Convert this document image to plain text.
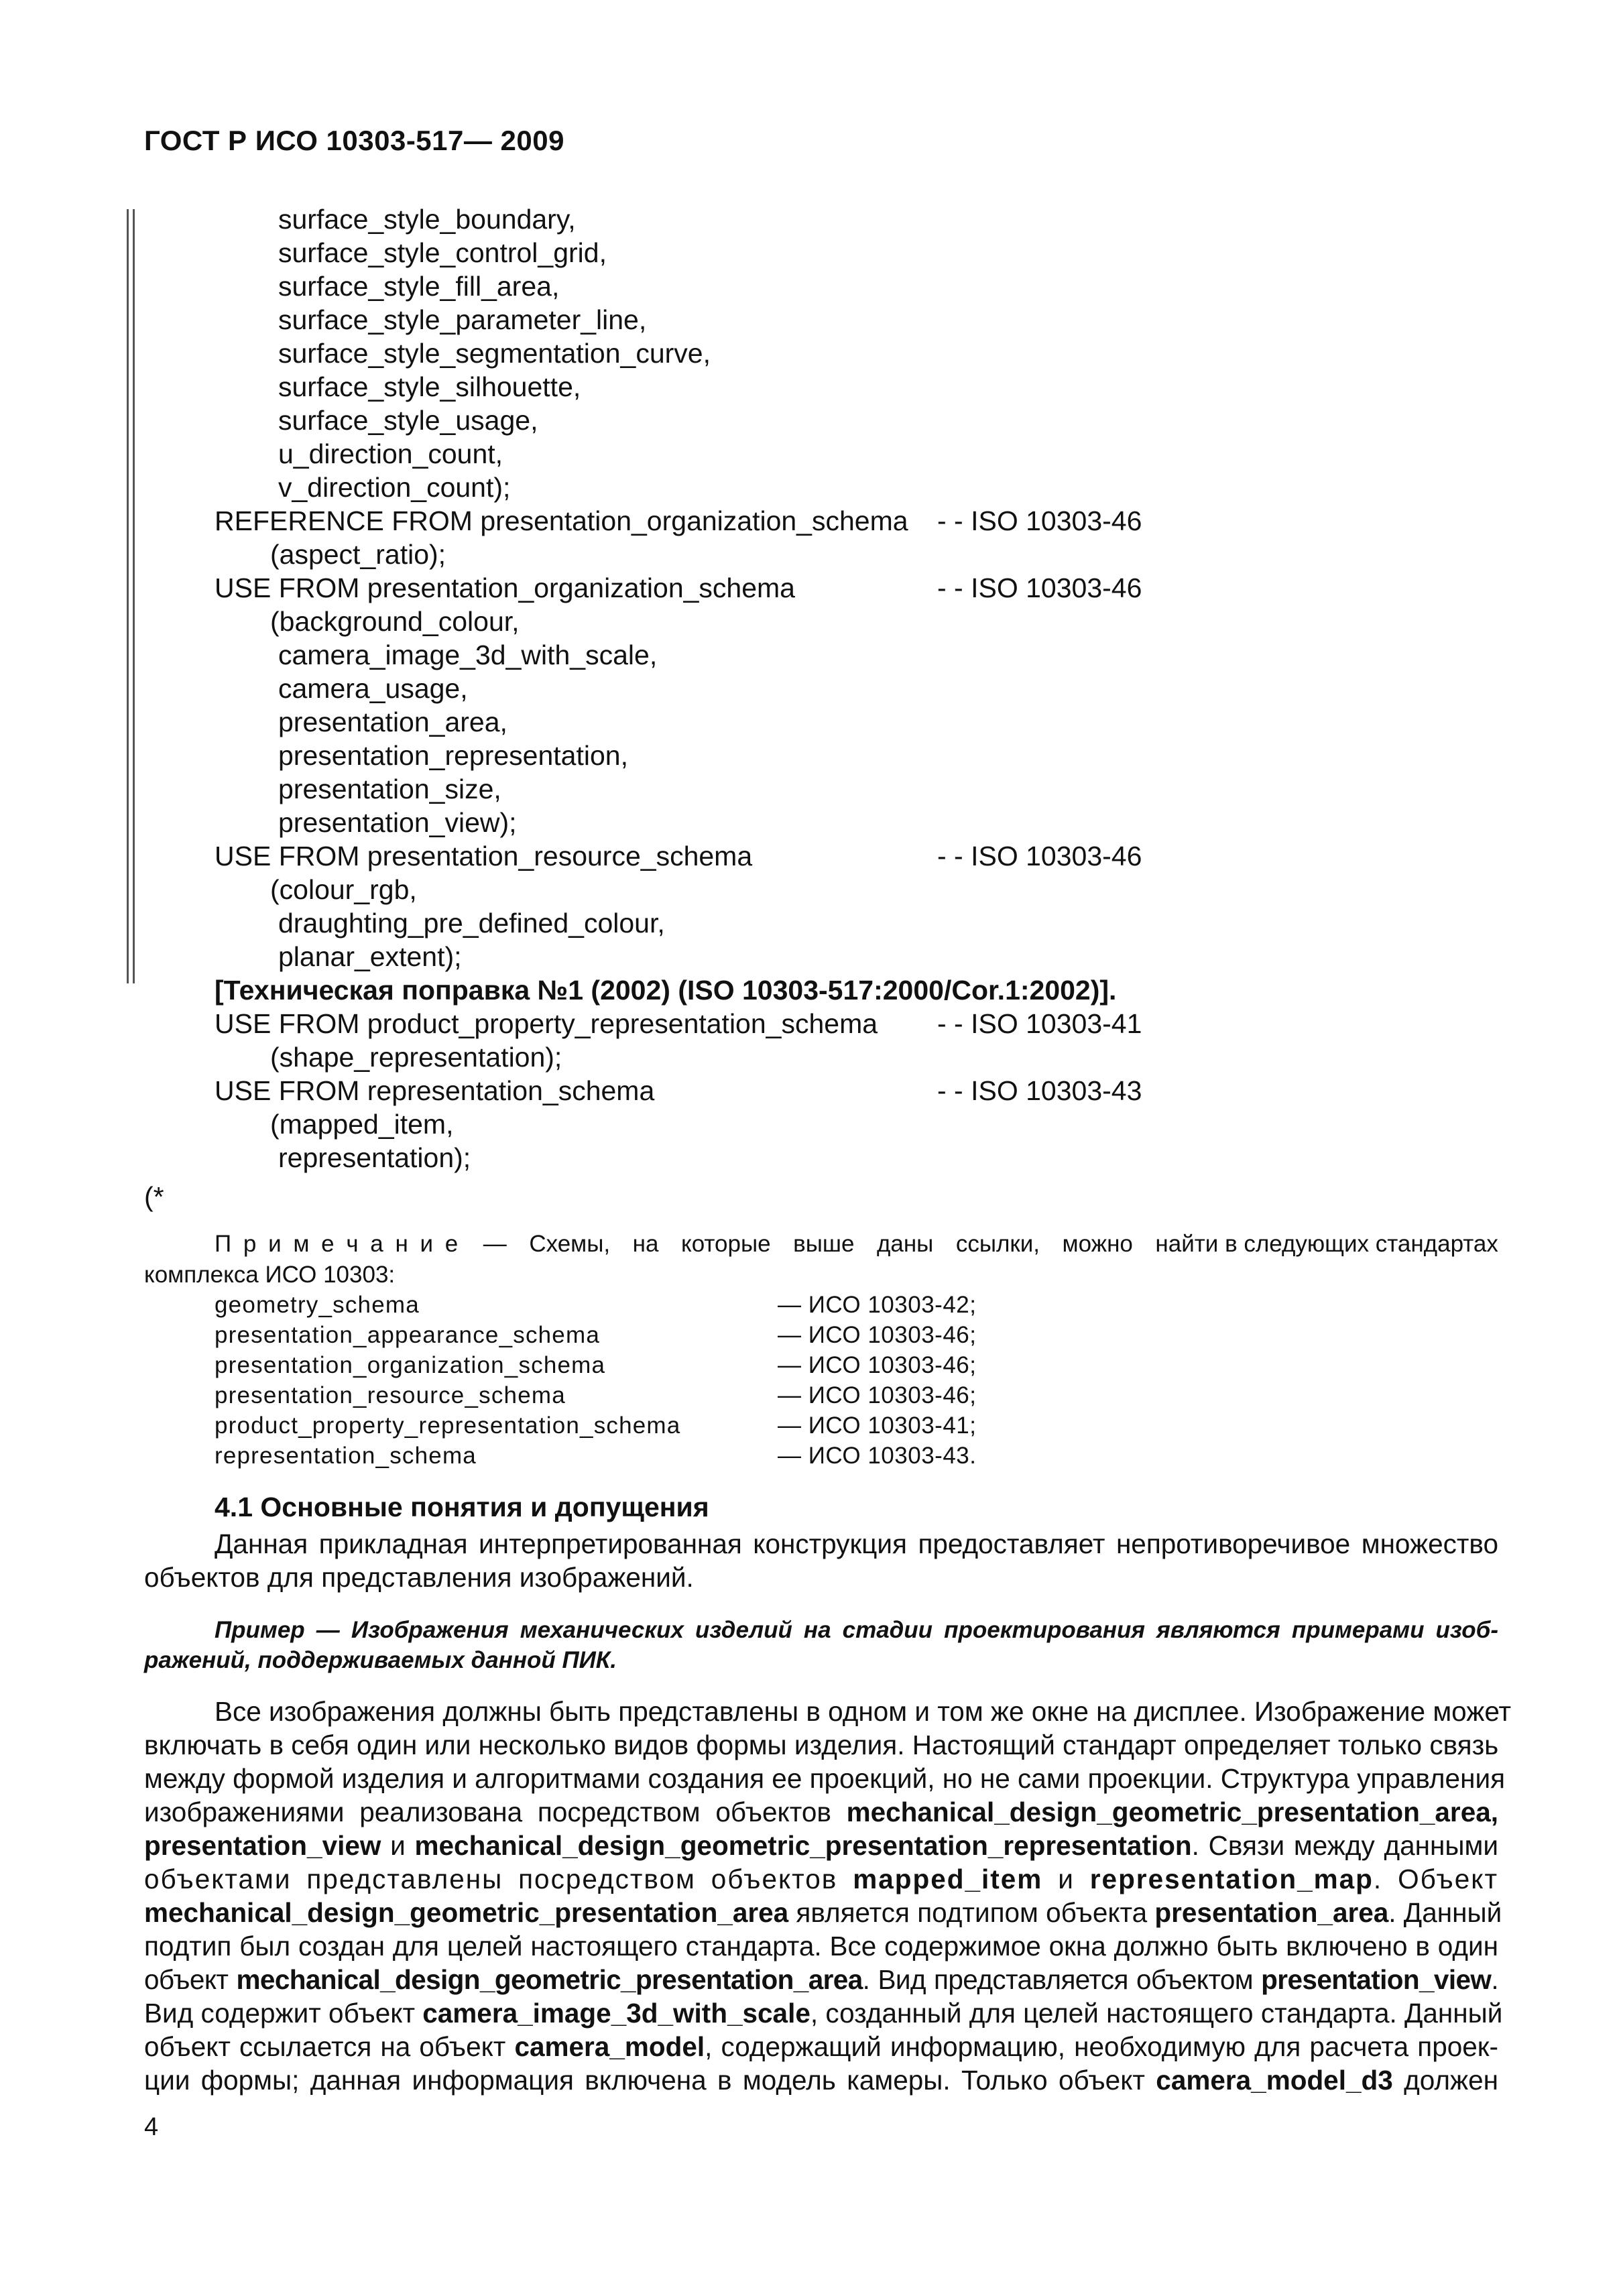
ГОСТ Р ИСО 10303-517— 2009
surface_style_boundary,
surface_style_control_grid,
surface_style_fill_area,
surface_style_parameter_line,
surface_style_segmentation_curve,
surface_style_silhouette,
surface_style_usage,
u_direction_count,
v_direction_count);
REFERENCE FROM presentation_organization_schema - - ISO 10303-46
(aspect_ratio);
USE FROM presentation_organization_schema	- - ISO 10303-46
(background_colour,
camera_image_3d_with_scale,
camera_usage,
presentation_area,
presentation_representation,
presentation_size,
presentation_view);
USE FROM presentation_resource_schema	- - ISO 10303-46
(colour_rgb,
draughting_pre_defined_colour,
planar_extent);
[Техническая поправка №1 (2002) (ISO 10303-517:2000/Cor.1:2002)].
USE FROM product_property_representation_schema - - ISO 10303-41
(shape_representation);
USE FROM representation_schema	- - ISO 10303-43
(mapped_item,
representation);
(*
П р и м е ч а н и е — Схемы, на которые выше даны ссылки, можно найти в следующих стандартах
комплекса ИСО 10303:
geometry_schema	— ИСО 10303-42;
presentation_appearance_schema	— ИСО 10303-46;
presentation_organization_schema	— ИСО 10303-46;
presentation_resource_schema	— ИСО 10303-46;
product_property_representation_schema	— ИСО 10303-41;
representation_schema	— ИСО 10303-43.
4.1 Основные понятия и допущения
Данная прикладная интерпретированная конструкция предоставляет непротиворечивое множество
объектов для представления изображений.
Пример — Изображения механических изделий на стадии проектирования являются примерами изоб-
ражений, поддерживаемых данной ПИК.
Все изображения должны быть представлены в одном и том же окне на дисплее. Изображение может
включать в себя один или несколько видов формы изделия. Настоящий стандарт определяет только связь
между формой изделия и алгоритмами создания ее проекций, но не сами проекции. Структура управления
изображениями реализована посредством объектов mechanical_design_geometric_presentation_area,
presentation_view и mechanical_design_geometric_presentation_representation. Связи между данными
объектами представлены посредством объектов mapped_item и representation_map. Объект
mechanical_design_geometric_presentation_area является подтипом объекта presentation_area. Данный
подтип был создан для целей настоящего стандарта. Все содержимое окна должно быть включено в один
объект mechanical_design_geometric_presentation_area. Вид представляется объектом presentation_view.
Вид содержит объект camera_image_3d_with_scale, созданный для целей настоящего стандарта. Данный
объект ссылается на объект camera_model, содержащий информацию, необходимую для расчета проек-
ции формы; данная информация включена в модель камеры. Только объект camera_model_d3 должен
4
